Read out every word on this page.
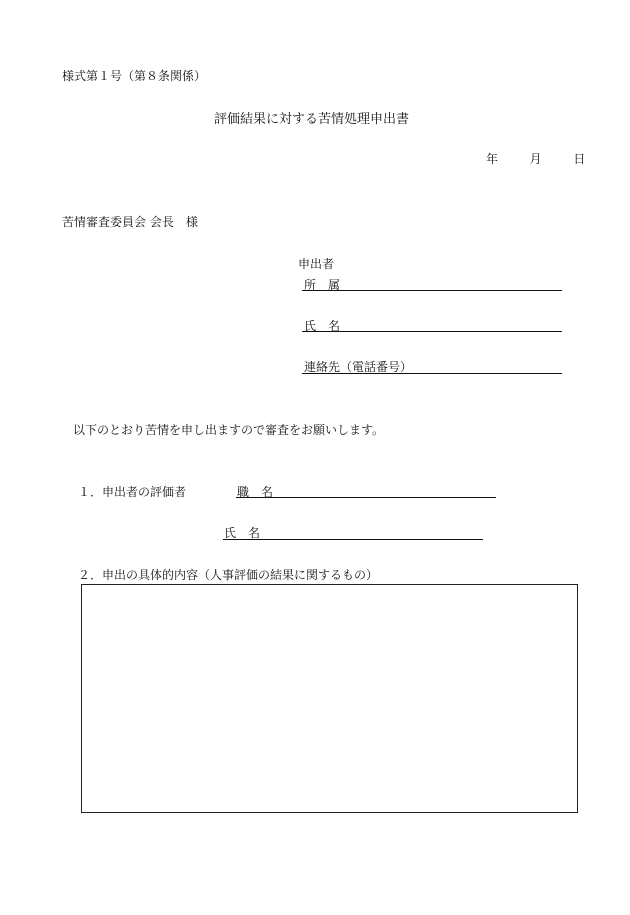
様式第１号（第８条関係）
評価結果に対する苦情処理申出書
年	月	日
苦情審査委員会 会長　様
申出者
所属
氏名
連絡先（電話番号）
以下のとおり苦情を申し出ますので審査をお願いします。
１．申出者の評価者	職名
氏名
２．申出の具体的内容（人事評価の結果に関するもの）
